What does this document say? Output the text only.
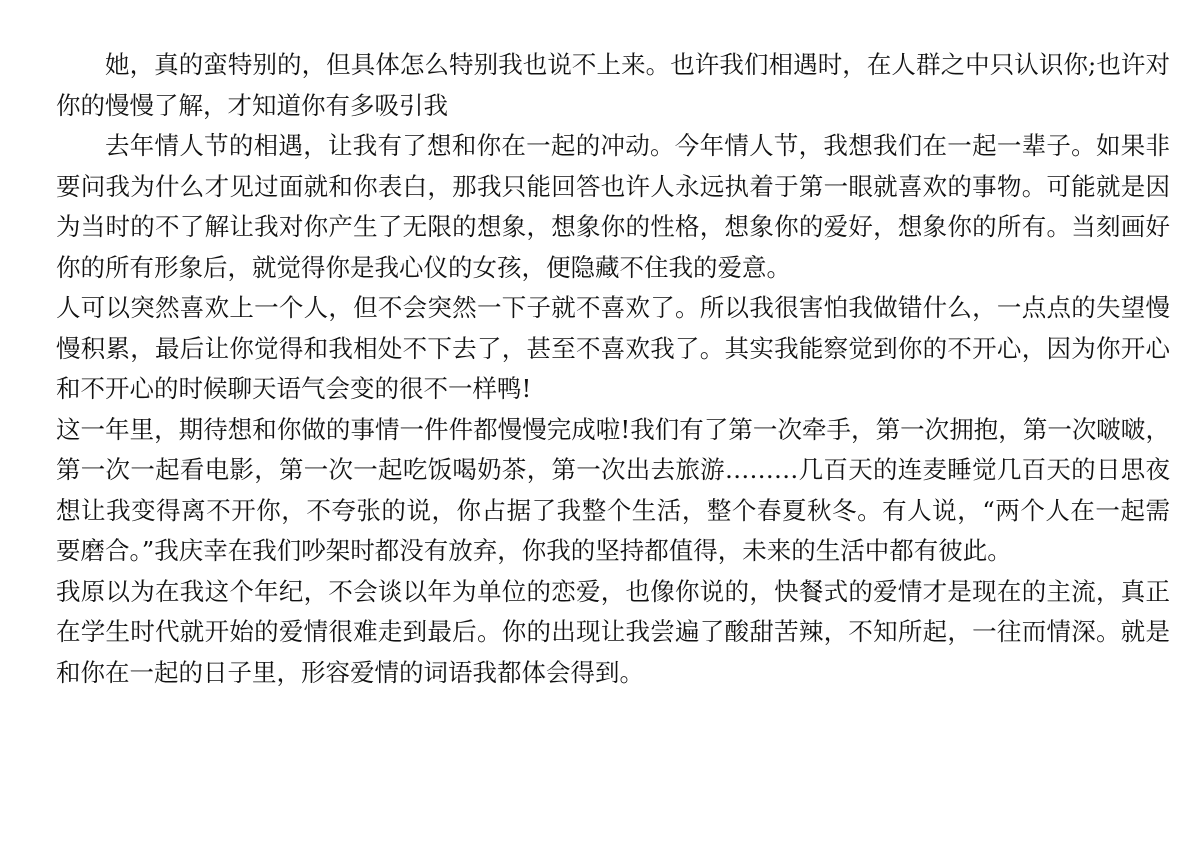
她，真的蛮特别的，但具体怎么特别我也说不上来。也许我们相遇时，在人群之中只认识你;也许对你的慢慢了解，才知道你有多吸引我

去年情人节的相遇，让我有了想和你在一起的冲动。今年情人节，我想我们在一起一辈子。如果非要问我为什么才见过面就和你表白，那我只能回答也许人永远执着于第一眼就喜欢的事物。可能就是因为当时的不了解让我对你产生了无限的想象，想象你的性格，想象你的爱好，想象你的所有。当刻画好你的所有形象后，就觉得你是我心仪的女孩，便隐藏不住我的爱意。

人可以突然喜欢上一个人，但不会突然一下子就不喜欢了。所以我很害怕我做错什么，一点点的失望慢慢积累，最后让你觉得和我相处不下去了，甚至不喜欢我了。其实我能察觉到你的不开心，因为你开心和不开心的时候聊天语气会变的很不一样鸭!

这一年里，期待想和你做的事情一件件都慢慢完成啦!我们有了第一次牵手，第一次拥抱，第一次啵啵，第一次一起看电影，第一次一起吃饭喝奶茶，第一次出去旅游………几百天的连麦睡觉几百天的日思夜想让我变得离不开你，不夸张的说，你占据了我整个生活，整个春夏秋冬。有人说，“两个人在一起需要磨合。”我庆幸在我们吵架时都没有放弃，你我的坚持都值得，未来的生活中都有彼此。

我原以为在我这个年纪，不会谈以年为单位的恋爱，也像你说的，快餐式的爱情才是现在的主流，真正在学生时代就开始的爱情很难走到最后。你的出现让我尝遍了酸甜苦辣，不知所起，一往而情深。就是和你在一起的日子里，形容爱情的词语我都体会得到。
